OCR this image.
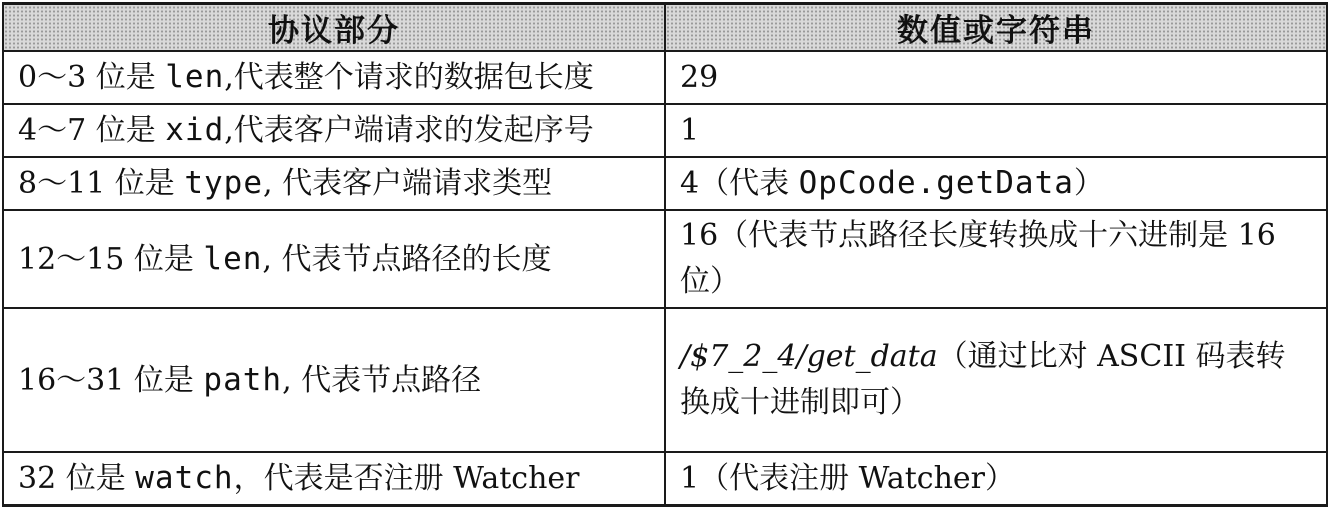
协议部分	数值或字符串
0～3 位是 len,代表整个请求的数据包长度	29
4～7 位是 xid,代表客户端请求的发起序号	1
8～11 位是 type, 代表客户端请求类型	4（代表 OpCode.getData）
12～15 位是 len, 代表节点路径的长度	16（代表节点路径长度转换成十六进制是 16 位）
16～31 位是 path, 代表节点路径	/$7_2_4/get_data（通过比对 ASCII 码表转换成十进制即可）
32 位是 watch，代表是否注册 Watcher	1（代表注册 Watcher）
